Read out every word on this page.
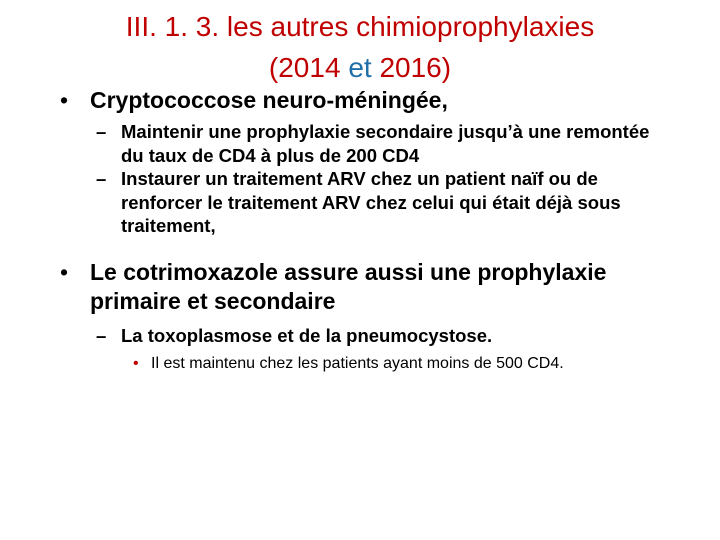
III. 1. 3. les autres chimioprophylaxies
(2014 et 2016)
• Cryptococcose neuro-méningée,
– Maintenir une prophylaxie secondaire jusqu’à une remontée du taux de CD4 à plus de 200 CD4
– Instaurer un traitement ARV chez un patient naïf ou de renforcer le traitement ARV chez celui qui était déjà sous traitement,
• Le cotrimoxazole assure aussi une prophylaxie primaire et secondaire
– La toxoplasmose et de la pneumocystose.
• Il est maintenu chez les patients ayant moins de 500 CD4.
